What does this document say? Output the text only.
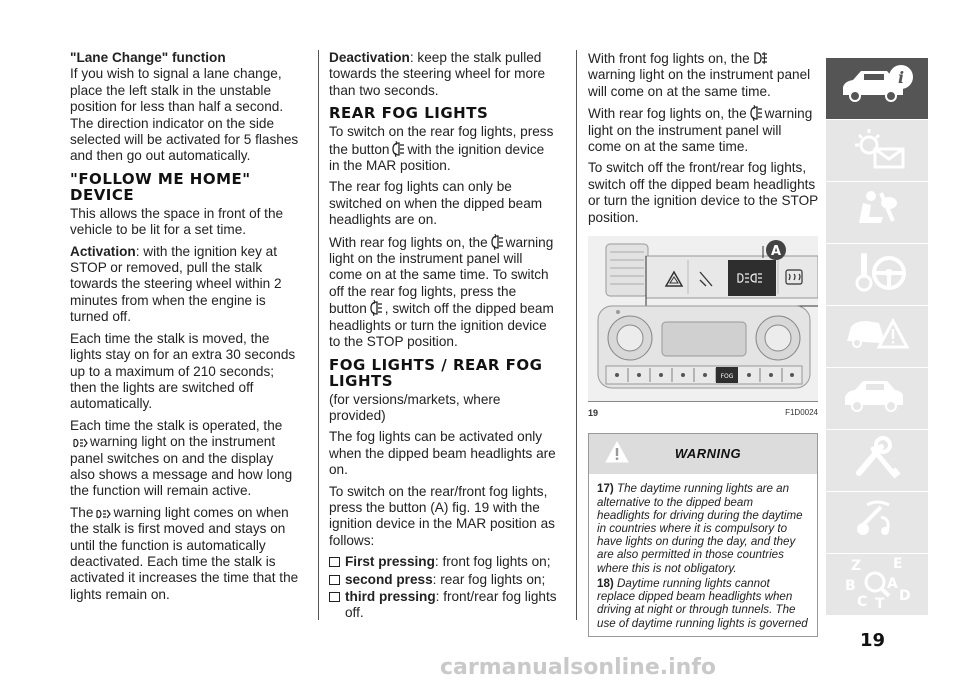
"Lane Change" function

If you wish to signal a lane change, place the left stalk in the unstable position for less than half a second. The direction indicator on the side selected will be activated for 5 flashes and then go out automatically.

"FOLLOW ME HOME" DEVICE

This allows the space in front of the vehicle to be lit for a set time.

Activation: with the ignition key at STOP or removed, pull the stalk towards the steering wheel within 2 minutes from when the engine is turned off.

Each time the stalk is moved, the lights stay on for an extra 30 seconds up to a maximum of 210 seconds; then the lights are switched off automatically.

Each time the stalk is operated, the
warning light on the instrument panel switches on and the display also shows a message and how long the function will remain active.

The warning light comes on when the stalk is first moved and stays on until the function is automatically deactivated. Each time the stalk is activated it increases the time that the lights remain on.

Deactivation: keep the stalk pulled towards the steering wheel for more than two seconds.

REAR FOG LIGHTS

To switch on the rear fog lights, press the button with the ignition device in the MAR position.

The rear fog lights can only be switched on when the dipped beam headlights are on.

With rear fog lights on, the warning light on the instrument panel will come on at the same time. To switch off the rear fog lights, press the button , switch off the dipped beam headlights or turn the ignition device to the STOP position.

FOG LIGHTS / REAR FOG LIGHTS

(for versions/markets, where provided)

The fog lights can be activated only when the dipped beam headlights are on.

To switch on the rear/front fog lights, press the button (A) fig. 19 with the ignition device in the MAR position as follows:

First pressing: front fog lights on;
second press: rear fog lights on;
third pressing: front/rear fog lights off.

With front fog lights on, the
warning light on the instrument panel will come on at the same time.

With rear fog lights on, the warning light on the instrument panel will come on at the same time.

To switch off the front/rear fog lights, switch off the dipped beam headlights or turn the ignition device to the STOP position.

A
FOG
19	F1D0024
WARNING

17) The daytime running lights are an alternative to the dipped beam headlights for driving during the daytime in countries where it is compulsory to have lights on during the day, and they are also permitted in those countries where this is not obligatory.

18) Daytime running lights cannot replace dipped beam headlights when driving at night or through tunnels. The use of daytime running lights is governed

i
Z E
B A
C T D
19
carmanualsonline.info
